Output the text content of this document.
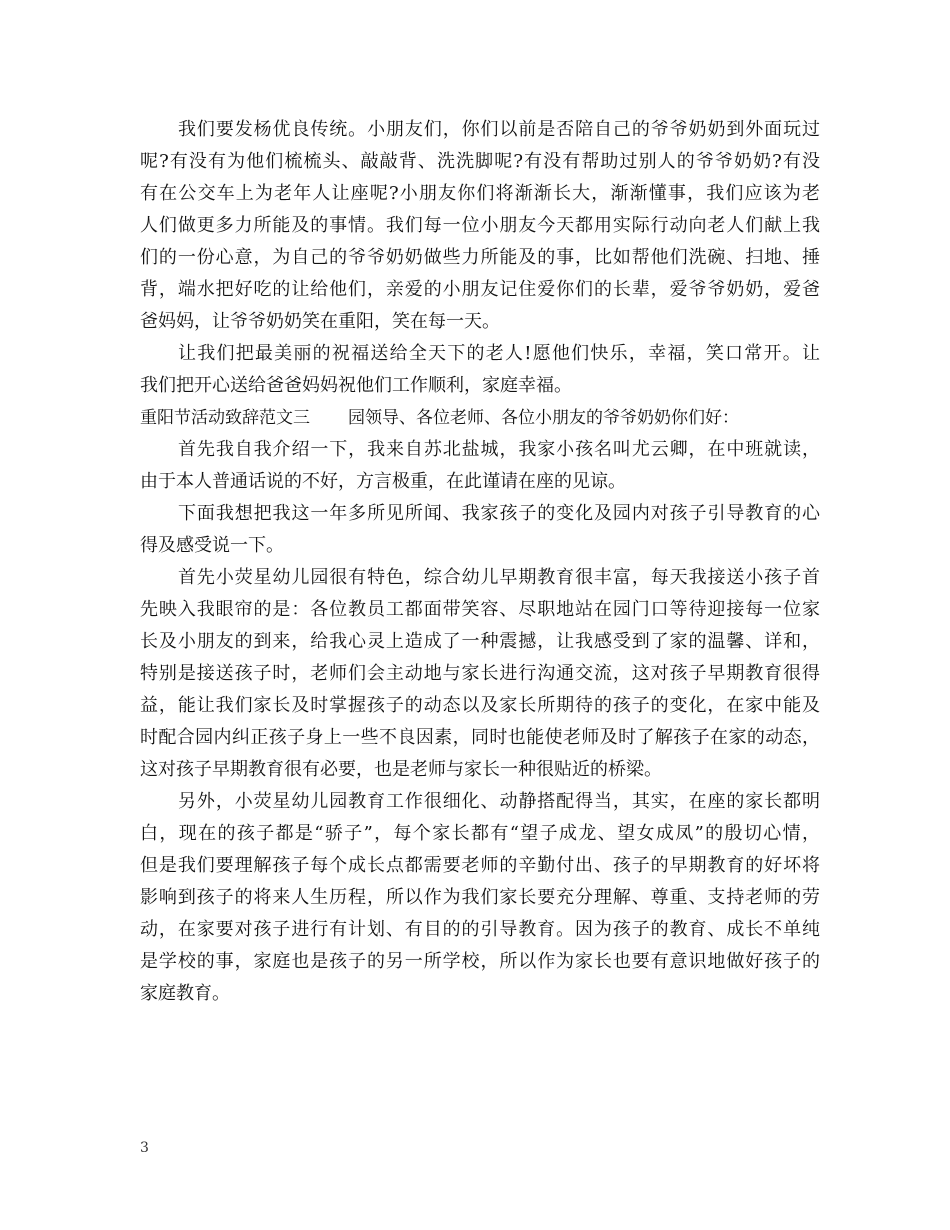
我们要发杨优良传统。小朋友们，你们以前是否陪自己的爷爷奶奶到外面玩过
呢?有没有为他们梳梳头、敲敲背、洗洗脚呢?有没有帮助过别人的爷爷奶奶?有没
有在公交车上为老年人让座呢?小朋友你们将渐渐长大，渐渐懂事，我们应该为老
人们做更多力所能及的事情。我们每一位小朋友今天都用实际行动向老人们献上我
们的一份心意，为自己的爷爷奶奶做些力所能及的事，比如帮他们洗碗、扫地、捶
背，端水把好吃的让给他们，亲爱的小朋友记住爱你们的长辈，爱爷爷奶奶，爱爸
爸妈妈，让爷爷奶奶笑在重阳，笑在每一天。
让我们把最美丽的祝福送给全天下的老人!愿他们快乐，幸福，笑口常开。让
我们把开心送给爸爸妈妈祝他们工作顺利，家庭幸福。
重阳节活动致辞范文三 园领导、各位老师、各位小朋友的爷爷奶奶你们好：
首先我自我介绍一下，我来自苏北盐城，我家小孩名叫尤云卿，在中班就读，
由于本人普通话说的不好，方言极重，在此谨请在座的见谅。
下面我想把我这一年多所见所闻、我家孩子的变化及园内对孩子引导教育的心
得及感受说一下。
首先小荧星幼儿园很有特色，综合幼儿早期教育很丰富，每天我接送小孩子首
先映入我眼帘的是：各位教员工都面带笑容、尽职地站在园门口等待迎接每一位家
长及小朋友的到来，给我心灵上造成了一种震撼，让我感受到了家的温馨、详和，
特别是接送孩子时，老师们会主动地与家长进行沟通交流，这对孩子早期教育很得
益，能让我们家长及时掌握孩子的动态以及家长所期待的孩子的变化，在家中能及
时配合园内纠正孩子身上一些不良因素，同时也能使老师及时了解孩子在家的动态，
这对孩子早期教育很有必要，也是老师与家长一种很贴近的桥梁。
另外，小荧星幼儿园教育工作很细化、动静搭配得当，其实，在座的家长都明
白，现在的孩子都是“骄子”，每个家长都有“望子成龙、望女成凤”的殷切心情，
但是我们要理解孩子每个成长点都需要老师的辛勤付出、孩子的早期教育的好坏将
影响到孩子的将来人生历程，所以作为我们家长要充分理解、尊重、支持老师的劳
动，在家要对孩子进行有计划、有目的的引导教育。因为孩子的教育、成长不单纯
是学校的事，家庭也是孩子的另一所学校，所以作为家长也要有意识地做好孩子的
家庭教育。
3
